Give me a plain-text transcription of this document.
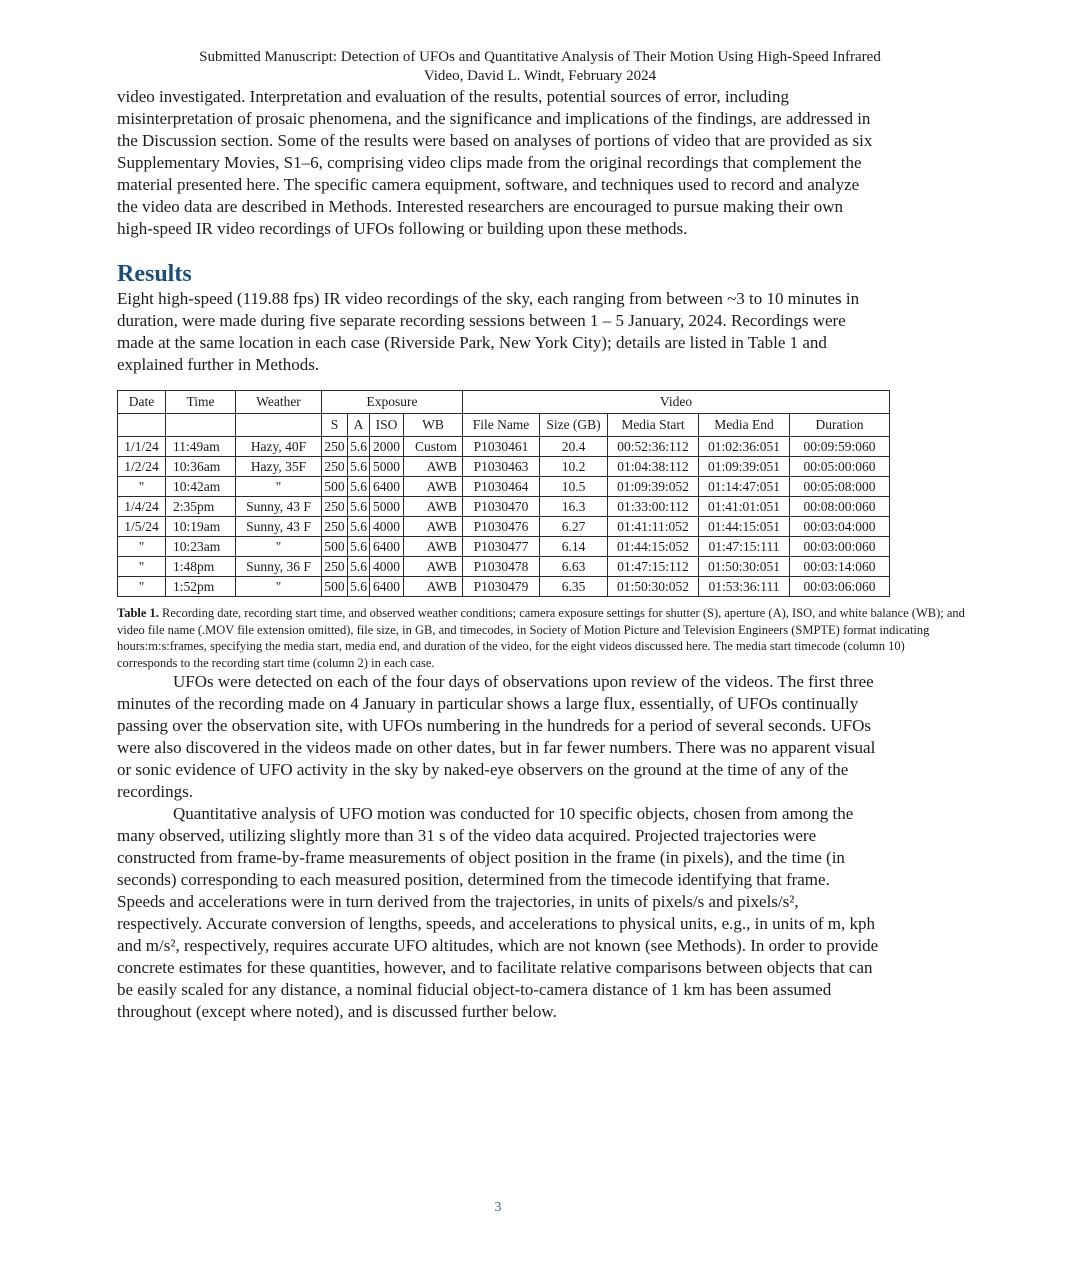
Submitted Manuscript: Detection of UFOs and Quantitative Analysis of Their Motion Using High-Speed Infrared
Video, David L. Windt, February 2024

video investigated. Interpretation and evaluation of the results, potential sources of error, including misinterpretation of prosaic phenomena, and the significance and implications of the findings, are addressed in the Discussion section. Some of the results were based on analyses of portions of video that are provided as six Supplementary Movies, S1–6, comprising video clips made from the original recordings that complement the material presented here. The specific camera equipment, software, and techniques used to record and analyze the video data are described in Methods. Interested researchers are encouraged to pursue making their own high-speed IR video recordings of UFOs following or building upon these methods.

Results

Eight high-speed (119.88 fps) IR video recordings of the sky, each ranging from between ~3 to 10 minutes in duration, were made during five separate recording sessions between 1 – 5 January, 2024. Recordings were made at the same location in each case (Riverside Park, New York City); details are listed in Table 1 and explained further in Methods.

Date	Time	Weather	Exposure				Video				
			S	A	ISO	WB	File Name	Size (GB)	Media Start	Media End	Duration
1/1/24	11:49am	Hazy, 40F	250	5.6	2000	Custom	P1030461	20.4	00:52:36:112	01:02:36:051	00:09:59:060
1/2/24	10:36am	Hazy, 35F	250	5.6	5000	AWB	P1030463	10.2	01:04:38:112	01:09:39:051	00:05:00:060
"	10:42am	"	500	5.6	6400	AWB	P1030464	10.5	01:09:39:052	01:14:47:051	00:05:08:000
1/4/24	2:35pm	Sunny, 43 F	250	5.6	5000	AWB	P1030470	16.3	01:33:00:112	01:41:01:051	00:08:00:060
1/5/24	10:19am	Sunny, 43 F	250	5.6	4000	AWB	P1030476	6.27	01:41:11:052	01:44:15:051	00:03:04:000
"	10:23am	"	500	5.6	6400	AWB	P1030477	6.14	01:44:15:052	01:47:15:111	00:03:00:060
"	1:48pm	Sunny, 36 F	250	5.6	4000	AWB	P1030478	6.63	01:47:15:112	01:50:30:051	00:03:14:060
"	1:52pm	"	500	5.6	6400	AWB	P1030479	6.35	01:50:30:052	01:53:36:111	00:03:06:060
Table 1. Recording date, recording start time, and observed weather conditions; camera exposure settings for shutter (S), aperture (A), ISO, and white balance (WB); and video file name (.MOV file extension omitted), file size, in GB, and timecodes, in Society of Motion Picture and Television Engineers (SMPTE) format indicating hours:m:s:frames, specifying the media start, media end, and duration of the video, for the eight videos discussed here. The media start timecode (column 10) corresponds to the recording start time (column 2) in each case.

UFOs were detected on each of the four days of observations upon review of the videos. The first three minutes of the recording made on 4 January in particular shows a large flux, essentially, of UFOs continually passing over the observation site, with UFOs numbering in the hundreds for a period of several seconds. UFOs were also discovered in the videos made on other dates, but in far fewer numbers. There was no apparent visual or sonic evidence of UFO activity in the sky by naked-eye observers on the ground at the time of any of the recordings.

Quantitative analysis of UFO motion was conducted for 10 specific objects, chosen from among the many observed, utilizing slightly more than 31 s of the video data acquired. Projected trajectories were constructed from frame-by-frame measurements of object position in the frame (in pixels), and the time (in seconds) corresponding to each measured position, determined from the timecode identifying that frame. Speeds and accelerations were in turn derived from the trajectories, in units of pixels/s and pixels/s², respectively. Accurate conversion of lengths, speeds, and accelerations to physical units, e.g., in units of m, kph and m/s², respectively, requires accurate UFO altitudes, which are not known (see Methods). In order to provide concrete estimates for these quantities, however, and to facilitate relative comparisons between objects that can be easily scaled for any distance, a nominal fiducial object-to-camera distance of 1 km has been assumed throughout (except where noted), and is discussed further below.

3
